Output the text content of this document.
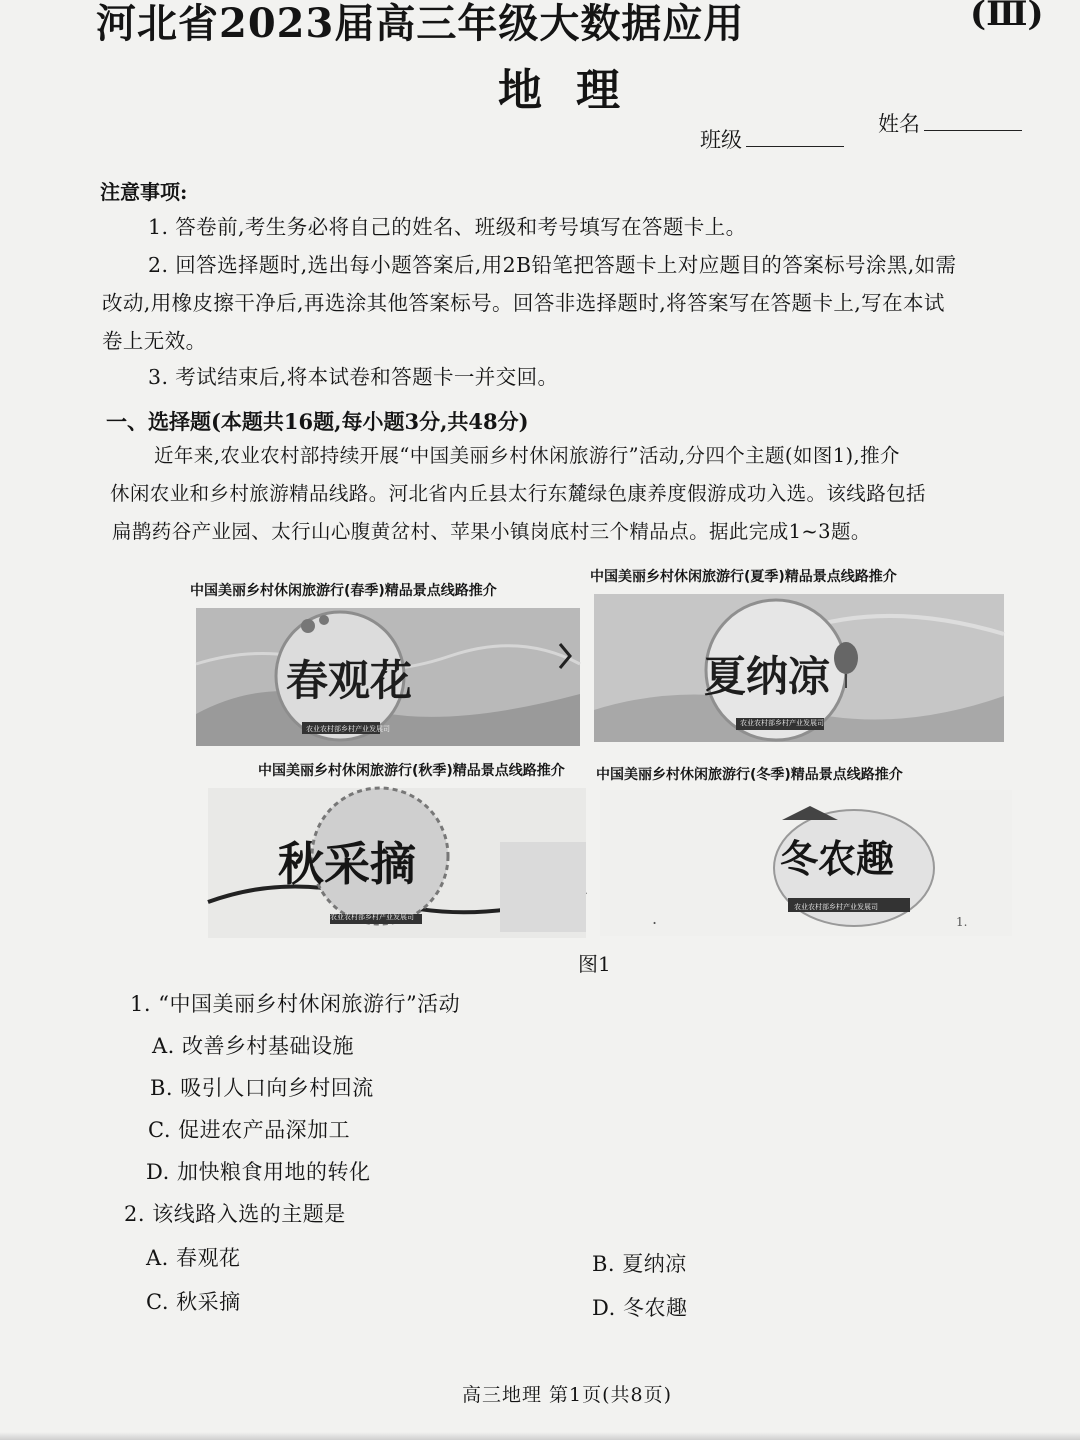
河北省2023届高三年级大数据应用	(Ⅲ)
地理
班级
姓名
注意事项:
1. 答卷前,考生务必将自己的姓名、班级和考号填写在答题卡上。
2. 回答选择题时,选出每小题答案后,用2B铅笔把答题卡上对应题目的答案标号涂黑,如需
改动,用橡皮擦干净后,再选涂其他答案标号。回答非选择题时,将答案写在答题卡上,写在本试
卷上无效。
3. 考试结束后,将本试卷和答题卡一并交回。
一、选择题(本题共16题,每小题3分,共48分)
近年来,农业农村部持续开展“中国美丽乡村休闲旅游行”活动,分四个主题(如图1),推介
休闲农业和乡村旅游精品线路。河北省内丘县太行东麓绿色康养度假游成功入选。该线路包括
扁鹊药谷产业园、太行山心腹黄岔村、苹果小镇岗底村三个精品点。据此完成1~3题。
中国美丽乡村休闲旅游行(春季)精品景点线路推介
春观花
农业农村部乡村产业发展司
中国美丽乡村休闲旅游行(夏季)精品景点线路推介
夏纳凉
农业农村部乡村产业发展司
中国美丽乡村休闲旅游行(秋季)精品景点线路推介
秋采摘
农业农村部乡村产业发展司
中国美丽乡村休闲旅游行(冬季)精品景点线路推介
.	1.
冬农趣
农业农村部乡村产业发展司
图1
1. “中国美丽乡村休闲旅游行”活动
A. 改善乡村基础设施
B. 吸引人口向乡村回流
C. 促进农产品深加工
D. 加快粮食用地的转化
2. 该线路入选的主题是
A. 春观花	B. 夏纳凉
C. 秋采摘	D. 冬农趣
高三地理 第1页(共8页)
